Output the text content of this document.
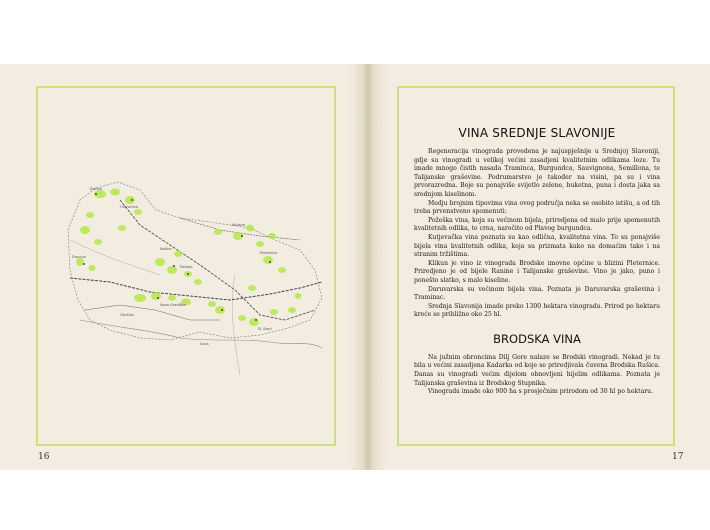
Slatina
Orahovica
Našice
Kutjevo
Pleternica
Požega
Daruvar
Sl. Brod
Nova Gradiška
Okučani
Sava
16	17
VINA SREDNJE SLAVONIJE

Regeneracija vinograda provedena je najuspješnije u Srednjoj Slavoniji, gdje su vinogradi u velikoj većini zasadjeni kvalitetnim odlikama loze. Tu imade mnogo čistih nasada Traminca, Burgundca, Sauvignona, Semillona, te Talijanske graševine. Podrumarstvo je također na visini, pa su i vina prvorazredna. Boje su ponajviše svijetlo zelene, buketna, puna i dosta jaka sa srednjom kiselinom.

Medju brojnim tipovima vina ovog područja neka se osobito istišu, a od tih treba prvenstveno spomenuti:

Požeška vina, koja su većinom bijela, priredjena od malo prije spomenutih kvalitetnih odlika, te crna, naročito od Plavog burgundca.

Kutjevačka vina poznata su kao odlična, kvalitetna vina. To su ponajviše bijela vina kvalitetnih odlika, koja su prizmata kako na domaćim tako i na stranim tržištima.

Klikun je vino iz vinograda Brodske imovne općine u blizini Pleternice. Priredjeno je od bijele Ranine i Talijanske graševine. Vino je jako, puno i ponešto slatko, s malo kiseline.

Daruvarska su većinom bijela vina. Poznata je Daruvarska graševina i Traminac.

Srednja Slavonija imade preko 1300 hektara vinograda. Prirod po hektaru kreće se približno oko 25 hl.

BRODSKA VINA

Na južnim obroncima Dilj Gore nalaze se Brodski vinogradi. Nekad je tu bila u većini zasadjena Kadarka od koje se priredjivala čuvena Brodska Rušica. Danas su vinogradi većim dijelom obnovljeni hijelim odlikama. Poznata je Talijanska graševina iz Brodskog Stupnika.

Vinograda imade oko 900 ha s prosječnim prirodom od 30 hl po hektaru.
